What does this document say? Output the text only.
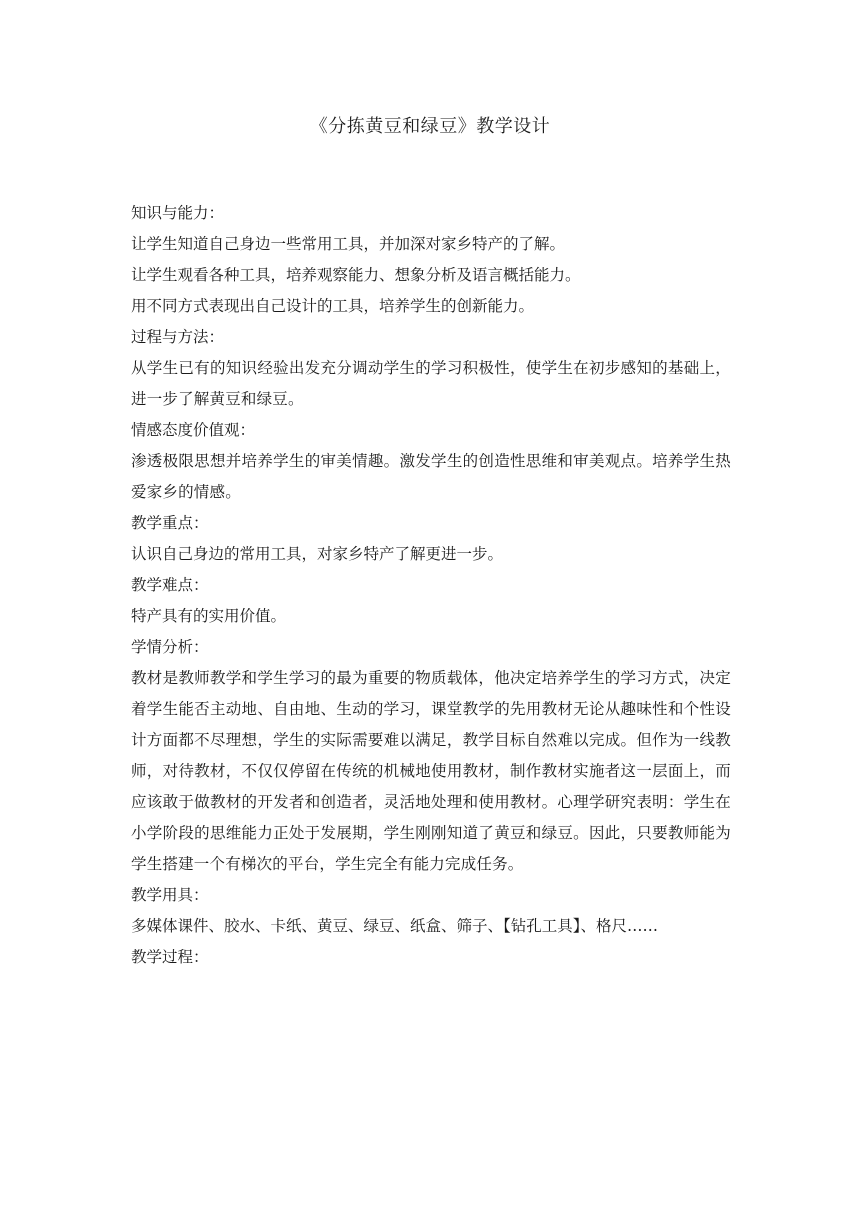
《分拣黄豆和绿豆》教学设计

知识与能力：

让学生知道自己身边一些常用工具，并加深对家乡特产的了解。

让学生观看各种工具，培养观察能力、想象分析及语言概括能力。

用不同方式表现出自己设计的工具，培养学生的创新能力。

过程与方法：

从学生已有的知识经验出发充分调动学生的学习积极性，使学生在初步感知的基础上，进一步了解黄豆和绿豆。

情感态度价值观：

渗透极限思想并培养学生的审美情趣。激发学生的创造性思维和审美观点。培养学生热爱家乡的情感。

教学重点：

认识自己身边的常用工具，对家乡特产了解更进一步。

教学难点：

特产具有的实用价值。

学情分析：

教材是教师教学和学生学习的最为重要的物质载体，他决定培养学生的学习方式，决定着学生能否主动地、自由地、生动的学习，课堂教学的先用教材无论从趣味性和个性设计方面都不尽理想，学生的实际需要难以满足，教学目标自然难以完成。但作为一线教师，对待教材，不仅仅停留在传统的机械地使用教材，制作教材实施者这一层面上，而应该敢于做教材的开发者和创造者，灵活地处理和使用教材。心理学研究表明：学生在小学阶段的思维能力正处于发展期，学生刚刚知道了黄豆和绿豆。因此，只要教师能为学生搭建一个有梯次的平台，学生完全有能力完成任务。

教学用具：

多媒体课件、胶水、卡纸、黄豆、绿豆、纸盒、筛子、【钻孔工具】、格尺……

教学过程：
